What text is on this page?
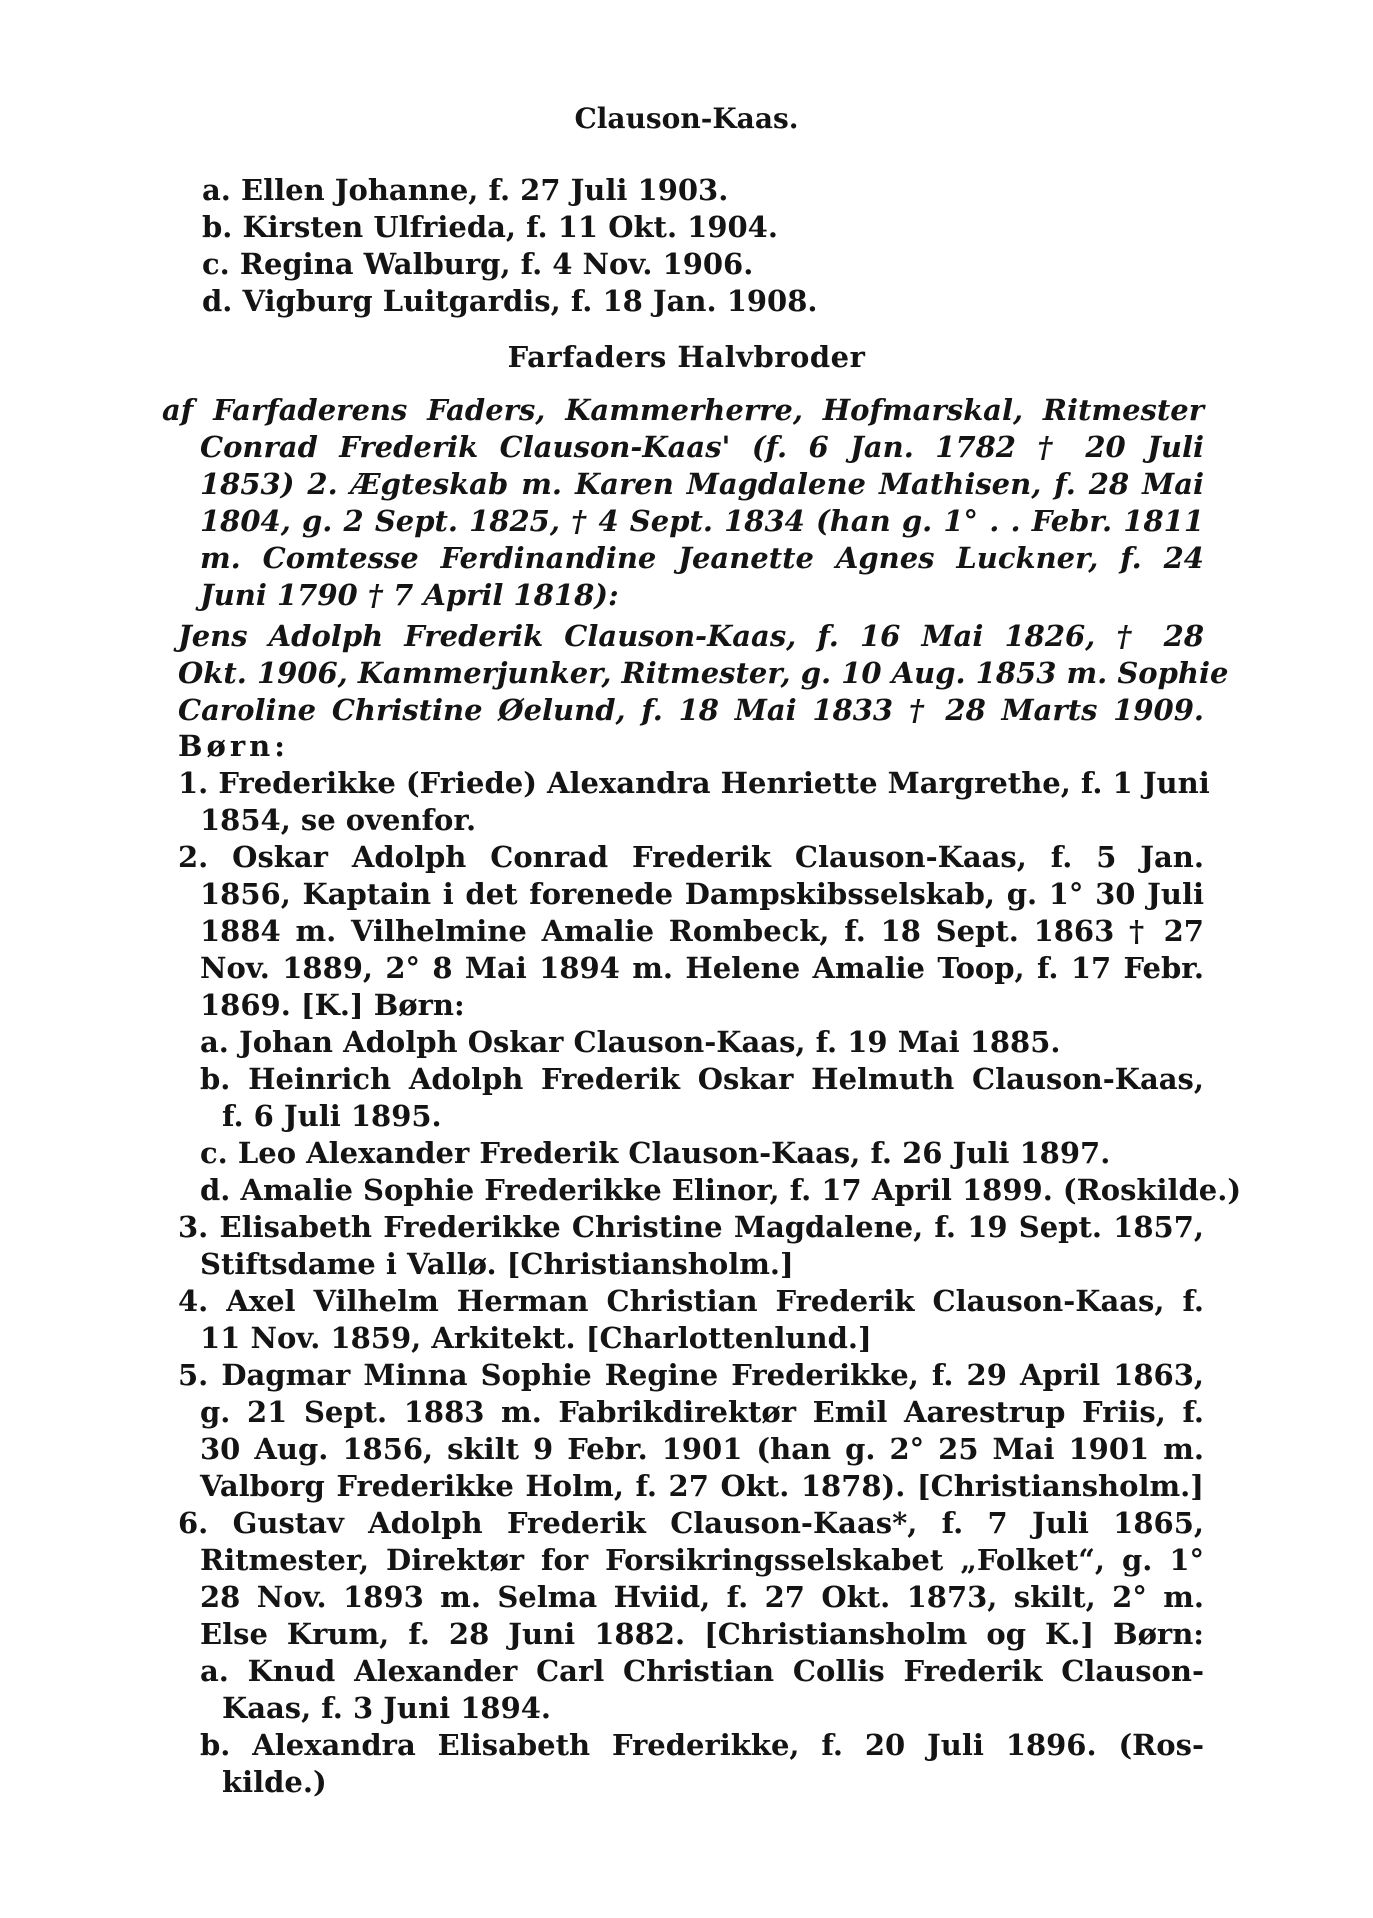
Clauson-Kaas.
a. Ellen Johanne, f. 27 Juli 1903.
b. Kirsten Ulfrieda, f. 11 Okt. 1904.
c. Regina Walburg, f. 4 Nov. 1906.
d. Vigburg Luitgardis, f. 18 Jan. 1908.
Farfaders Halvbroder
af Farfaderens Faders, Kammerherre, Hofmarskal, Ritmester
Conrad Frederik Clauson-Kaas' (f. 6 Jan. 1782 † 20 Juli
1853) 2. Ægteskab m. Karen Magdalene Mathisen, f. 28 Mai
1804, g. 2 Sept. 1825, † 4 Sept. 1834 (han g. 1° . . Febr. 1811
m. Comtesse Ferdinandine Jeanette Agnes Luckner, f. 24
Juni 1790 † 7 April 1818):
Jens Adolph Frederik Clauson-Kaas, f. 16 Mai 1826, † 28
Okt. 1906, Kammerjunker, Ritmester, g. 10 Aug. 1853 m. Sophie
Caroline Christine Øelund, f. 18 Mai 1833 † 28 Marts 1909.
Børn:
1. Frederikke (Friede) Alexandra Henriette Margrethe, f. 1 Juni
1854, se ovenfor.
2. Oskar Adolph Conrad Frederik Clauson-Kaas, f. 5 Jan.
1856, Kaptain i det forenede Dampskibsselskab, g. 1° 30 Juli
1884 m. Vilhelmine Amalie Rombeck, f. 18 Sept. 1863 † 27
Nov. 1889, 2° 8 Mai 1894 m. Helene Amalie Toop, f. 17 Febr.
1869. [K.] Børn:
a. Johan Adolph Oskar Clauson-Kaas, f. 19 Mai 1885.
b. Heinrich Adolph Frederik Oskar Helmuth Clauson-Kaas,
f. 6 Juli 1895.
c. Leo Alexander Frederik Clauson-Kaas, f. 26 Juli 1897.
d. Amalie Sophie Frederikke Elinor, f. 17 April 1899. (Roskilde.)
3. Elisabeth Frederikke Christine Magdalene, f. 19 Sept. 1857,
Stiftsdame i Vallø. [Christiansholm.]
4. Axel Vilhelm Herman Christian Frederik Clauson-Kaas, f.
11 Nov. 1859, Arkitekt. [Charlottenlund.]
5. Dagmar Minna Sophie Regine Frederikke, f. 29 April 1863,
g. 21 Sept. 1883 m. Fabrikdirektør Emil Aarestrup Friis, f.
30 Aug. 1856, skilt 9 Febr. 1901 (han g. 2° 25 Mai 1901 m.
Valborg Frederikke Holm, f. 27 Okt. 1878). [Christiansholm.]
6. Gustav Adolph Frederik Clauson-Kaas*, f. 7 Juli 1865,
Ritmester, Direktør for Forsikringsselskabet „Folket“, g. 1°
28 Nov. 1893 m. Selma Hviid, f. 27 Okt. 1873, skilt, 2° m.
Else Krum, f. 28 Juni 1882. [Christiansholm og K.] Børn:
a. Knud Alexander Carl Christian Collis Frederik Clauson-
Kaas, f. 3 Juni 1894.
b. Alexandra Elisabeth Frederikke, f. 20 Juli 1896. (Ros-
kilde.)
